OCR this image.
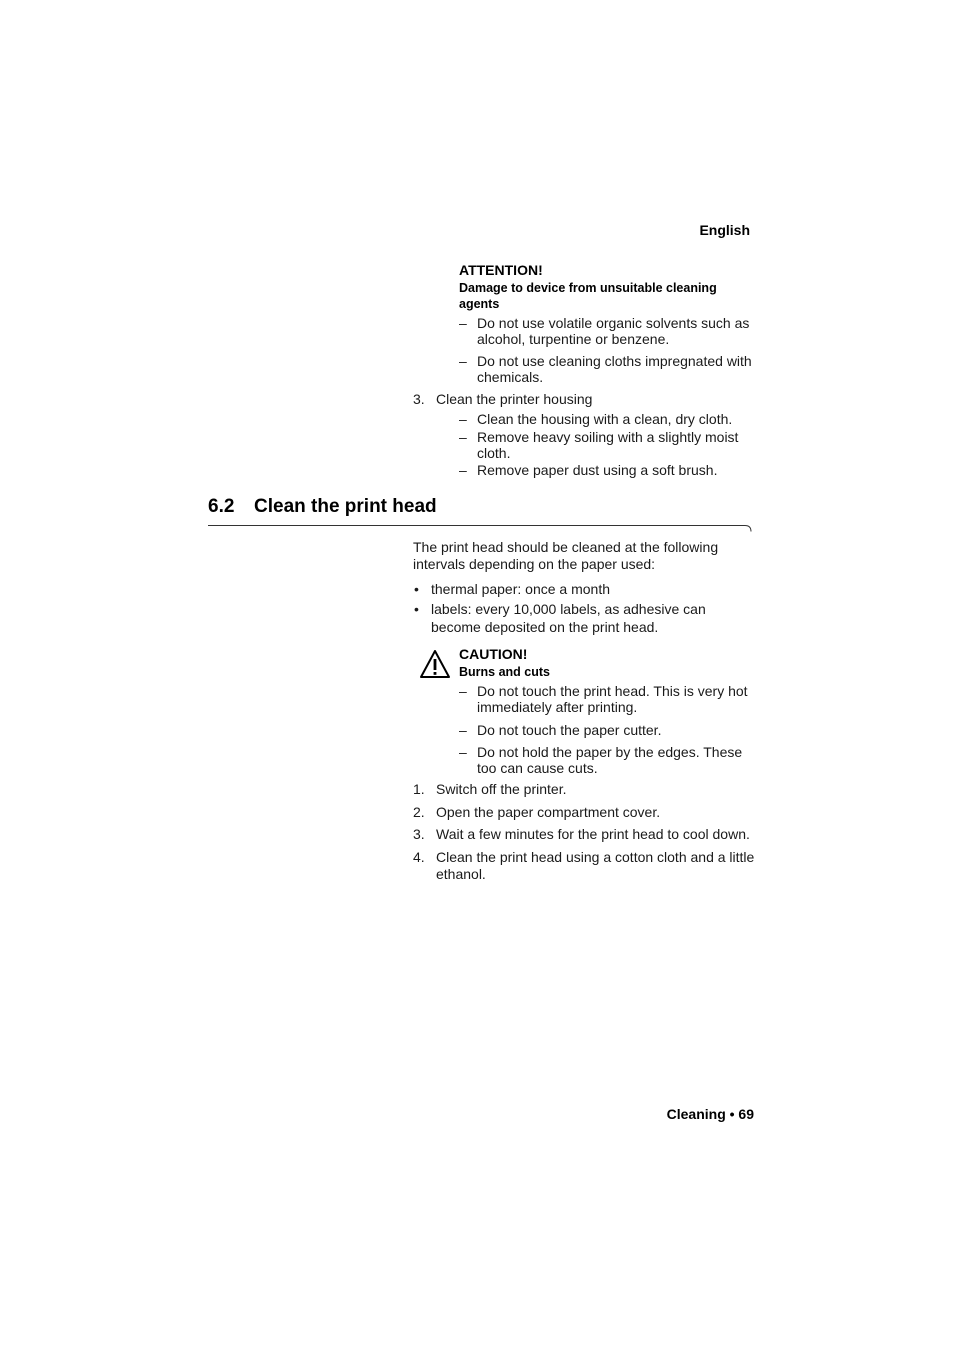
English
ATTENTION!
Damage to device from unsuitable cleaning agents
– Do not use volatile organic solvents such as alcohol, turpentine or benzene.
– Do not use cleaning cloths impregnated with chemicals.
3. Clean the printer housing
– Clean the housing with a clean, dry cloth.
– Remove heavy soiling with a slightly moist cloth.
– Remove paper dust using a soft brush.
6.2 Clean the print head
The print head should be cleaned at the following intervals depending on the paper used:
• thermal paper: once a month
• labels: every 10,000 labels, as adhesive can become deposited on the print head.
CAUTION!
Burns and cuts
– Do not touch the print head. This is very hot immediately after printing.
– Do not touch the paper cutter.
– Do not hold the paper by the edges. These too can cause cuts.
1. Switch off the printer.
2. Open the paper compartment cover.
3. Wait a few minutes for the print head to cool down.
4. Clean the print head using a cotton cloth and a little ethanol.
Cleaning • 69
